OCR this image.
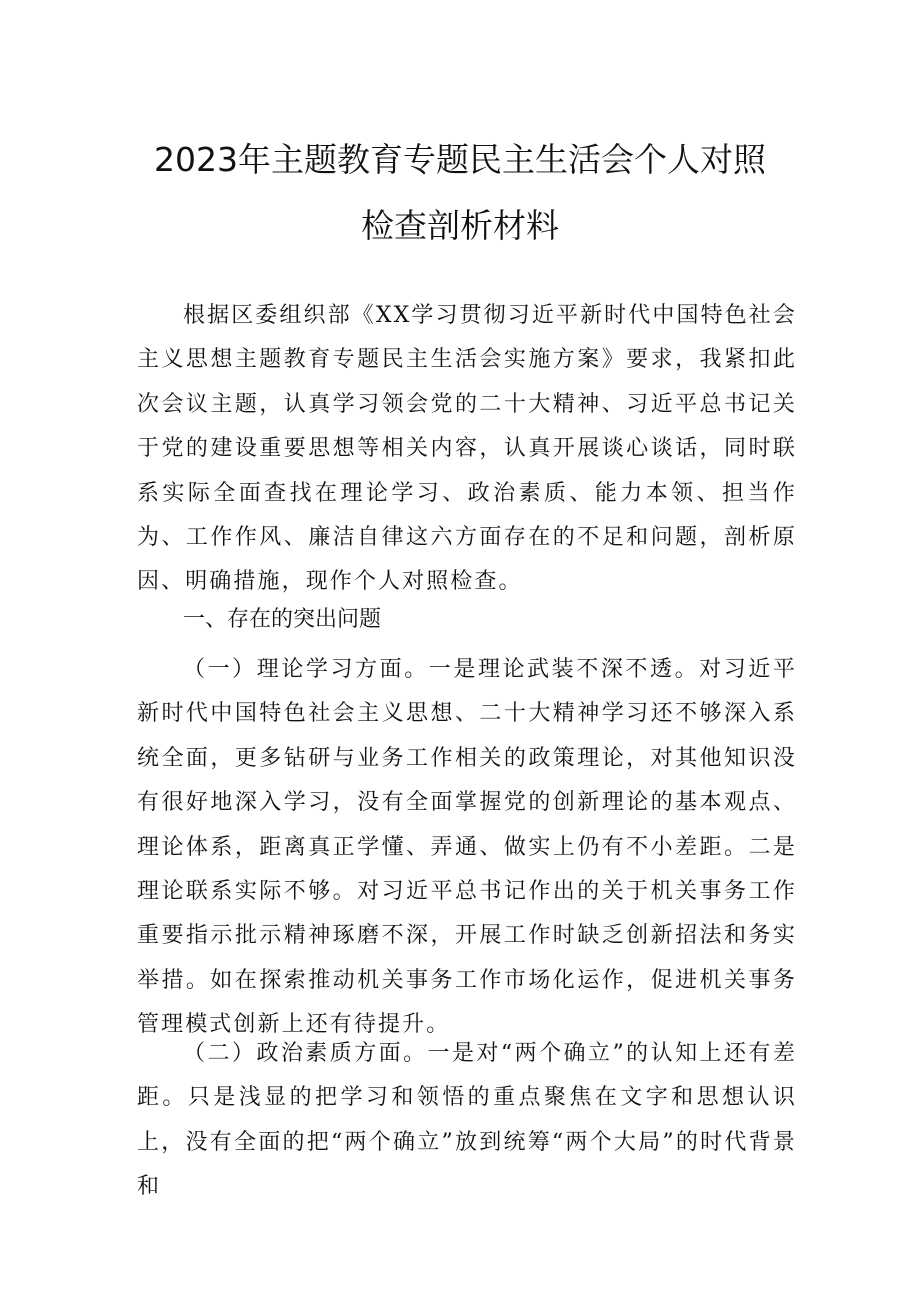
2023年主题教育专题民主生活会个人对照
检查剖析材料
根据区委组织部《XX学习贯彻习近平新时代中国特色社会主义思想主题教育专题民主生活会实施方案》要求，我紧扣此次会议主题，认真学习领会党的二十大精神、习近平总书记关于党的建设重要思想等相关内容，认真开展谈心谈话，同时联系实际全面查找在理论学习、政治素质、能力本领、担当作为、工作作风、廉洁自律这六方面存在的不足和问题，剖析原因、明确措施，现作个人对照检查。
一、存在的突出问题
（一）理论学习方面。一是理论武装不深不透。对习近平新时代中国特色社会主义思想、二十大精神学习还不够深入系统全面，更多钻研与业务工作相关的政策理论，对其他知识没有很好地深入学习，没有全面掌握党的创新理论的基本观点、理论体系，距离真正学懂、弄通、做实上仍有不小差距。二是理论联系实际不够。对习近平总书记作出的关于机关事务工作重要指示批示精神琢磨不深，开展工作时缺乏创新招法和务实举措。如在探索推动机关事务工作市场化运作，促进机关事务管理模式创新上还有待提升。
（二）政治素质方面。一是对“两个确立”的认知上还有差距。只是浅显的把学习和领悟的重点聚焦在文字和思想认识上，没有全面的把“两个确立”放到统筹“两个大局”的时代背景和
